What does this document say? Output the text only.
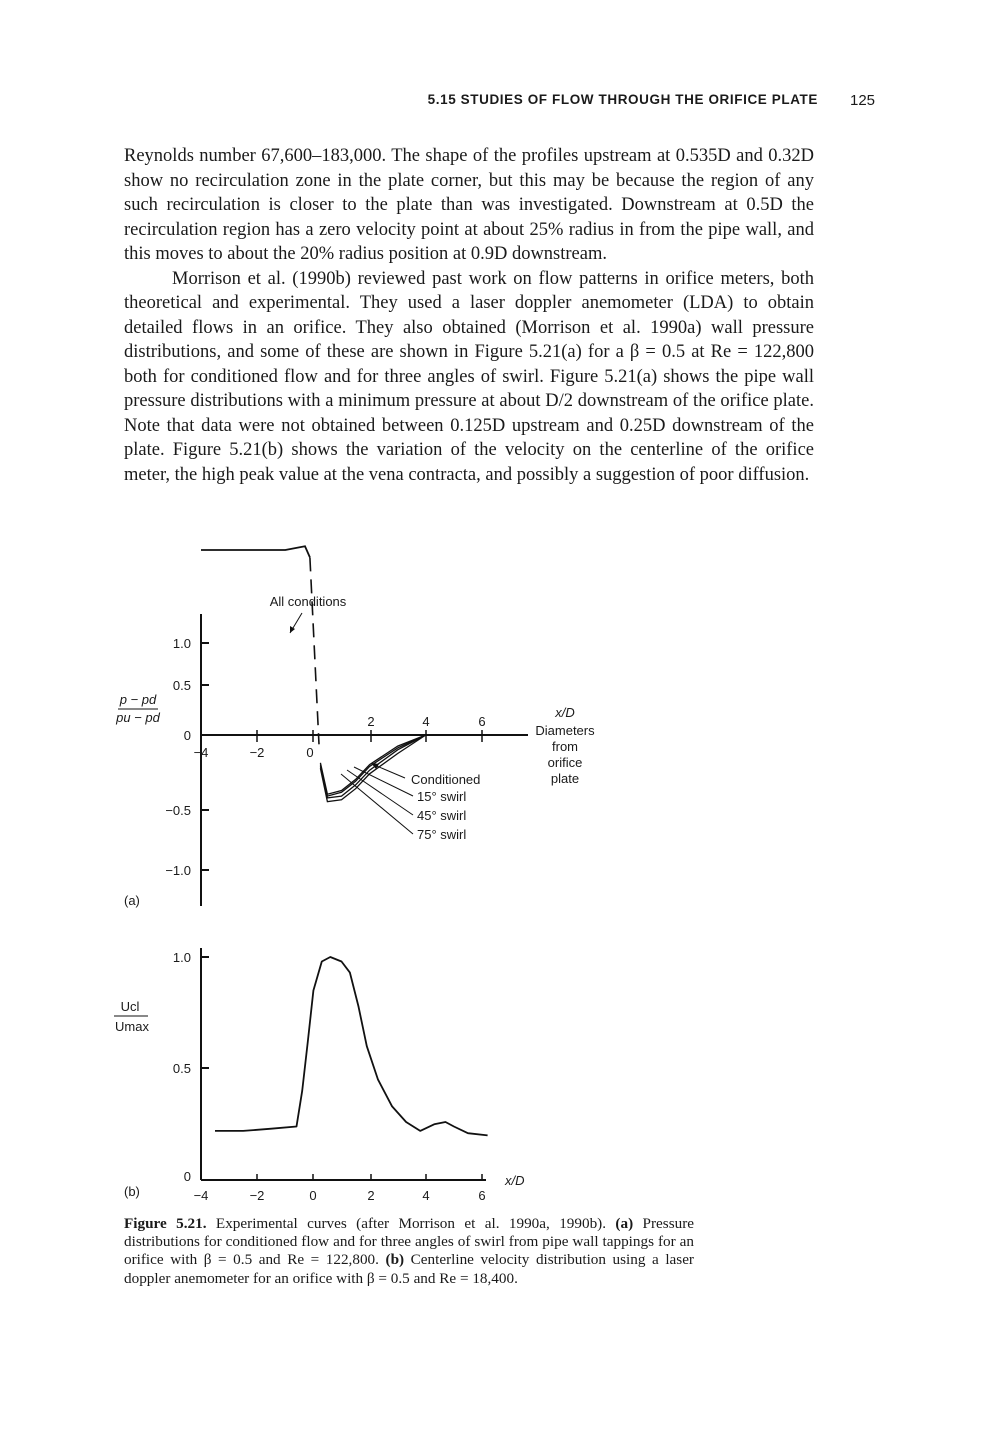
5.15 STUDIES OF FLOW THROUGH THE ORIFICE PLATE 125

Reynolds number 67,600–183,000. The shape of the profiles upstream at 0.535D and 0.32D show no recirculation zone in the plate corner, but this may be because the region of any such recirculation is closer to the plate than was investigated. Downstream at 0.5D the recirculation region has a zero velocity point at about 25% radius in from the pipe wall, and this moves to about the 20% radius position at 0.9D downstream.

Morrison et al. (1990b) reviewed past work on flow patterns in orifice meters, both theoretical and experimental. They used a laser doppler anemometer (LDA) to obtain detailed flows in an orifice. They also obtained (Morrison et al. 1990a) wall pressure distributions, and some of these are shown in Figure 5.21(a) for a β = 0.5 at Re = 122,800 both for conditioned flow and for three angles of swirl. Figure 5.21(a) shows the pipe wall pressure distributions with a minimum pressure at about D/2 downstream of the orifice plate. Note that data were not obtained between 0.125D upstream and 0.25D downstream of the plate. Figure 5.21(b) shows the variation of the velocity on the centerline of the orifice meter, the high peak value at the vena contracta, and possibly a suggestion of poor diffusion.

1.0
0.5
0
−0.5
−1.0
−4	−2	0
2	4	6
p − pd
pu − pd
(a)
All conditions
Conditioned
15° swirl
45° swirl
75° swirl
x/D
Diameters
from
orifice
plate
1.0
0.5
0
−4	−2	0	2	4	6
x/D
Ucl
Umax
(b)
Figure 5.21. Experimental curves (after Morrison et al. 1990a, 1990b). (a) Pressure distributions for conditioned flow and for three angles of swirl from pipe wall tappings for an orifice with β = 0.5 and Re = 122,800. (b) Centerline velocity distribution using a laser doppler anemometer for an orifice with β = 0.5 and Re = 18,400.
